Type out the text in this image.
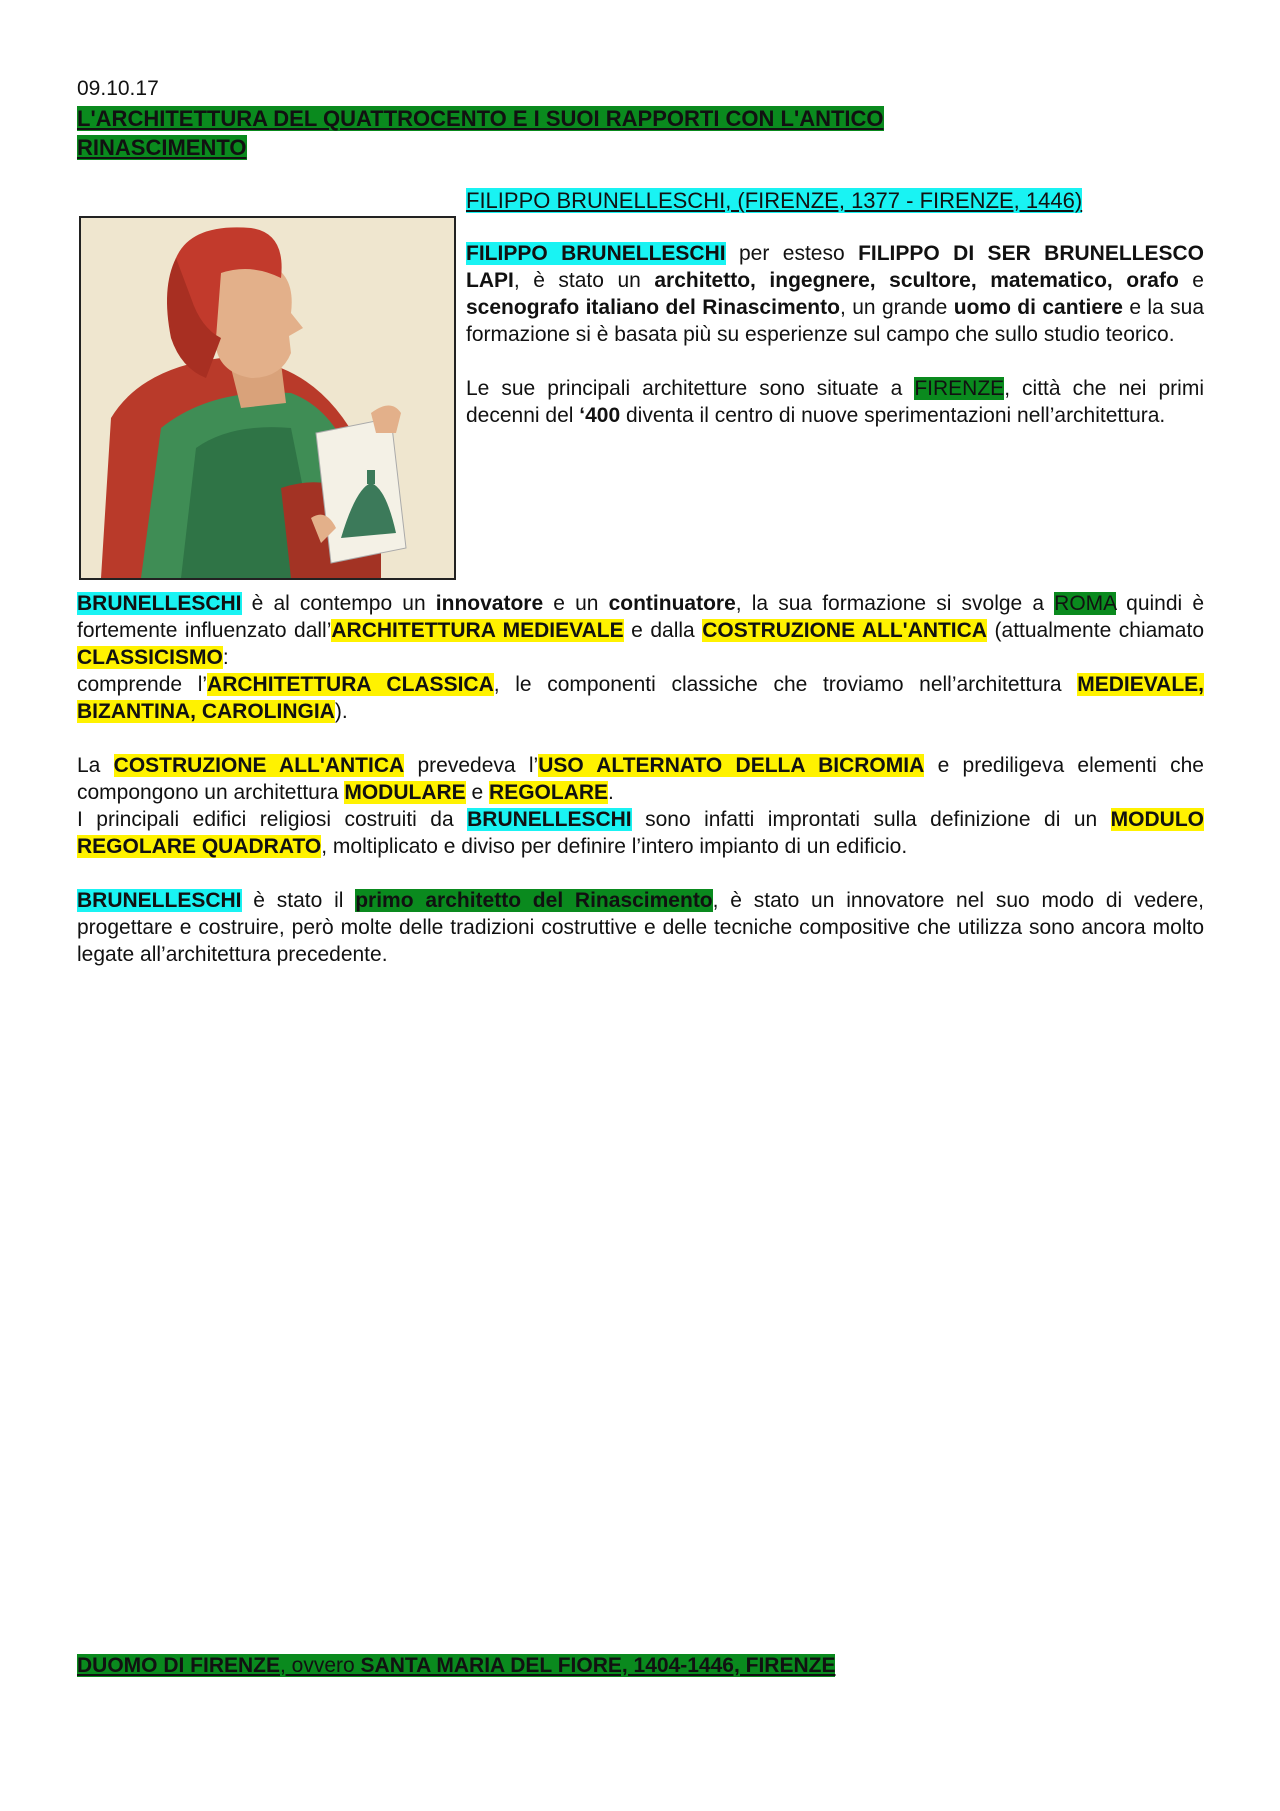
09.10.17
L'ARCHITETTURA DEL QUATTROCENTO E I SUOI RAPPORTI CON L'ANTICO
RINASCIMENTO
FILIPPO BRUNELLESCHI, (FIRENZE, 1377 - FIRENZE, 1446)

FILIPPO BRUNELLESCHI per esteso FILIPPO DI SER BRUNELLESCO LAPI, è stato un architetto, ingegnere, scultore, matematico, orafo e scenografo italiano del Rinascimento, un grande uomo di cantiere e la sua formazione si è basata più su esperienze sul campo che sullo studio teorico.

Le sue principali architetture sono situate a FIRENZE, città che nei primi decenni del ‘400 diventa il centro di nuove sperimentazioni nell’architettura.

BRUNELLESCHI è al contempo un innovatore e un continuatore, la sua formazione si svolge a ROMA quindi è fortemente influenzato dall’ARCHITETTURA MEDIEVALE e dalla COSTRUZIONE ALL'ANTICA (attualmente chiamato CLASSICISMO:
comprende l’ARCHITETTURA CLASSICA, le componenti classiche che troviamo nell’architettura MEDIEVALE, BIZANTINA, CAROLINGIA).

La COSTRUZIONE ALL'ANTICA prevedeva l’USO ALTERNATO DELLA BICROMIA e prediligeva elementi che compongono un architettura MODULARE e REGOLARE.
I principali edifici religiosi costruiti da BRUNELLESCHI sono infatti improntati sulla definizione di un MODULO REGOLARE QUADRATO, moltiplicato e diviso per definire l’intero impianto di un edificio.

BRUNELLESCHI è stato il primo architetto del Rinascimento, è stato un innovatore nel suo modo di vedere, progettare e costruire, però molte delle tradizioni costruttive e delle tecniche compositive che utilizza sono ancora molto legate all’architettura precedente.

DUOMO DI FIRENZE, ovvero SANTA MARIA DEL FIORE, 1404-1446, FIRENZE
